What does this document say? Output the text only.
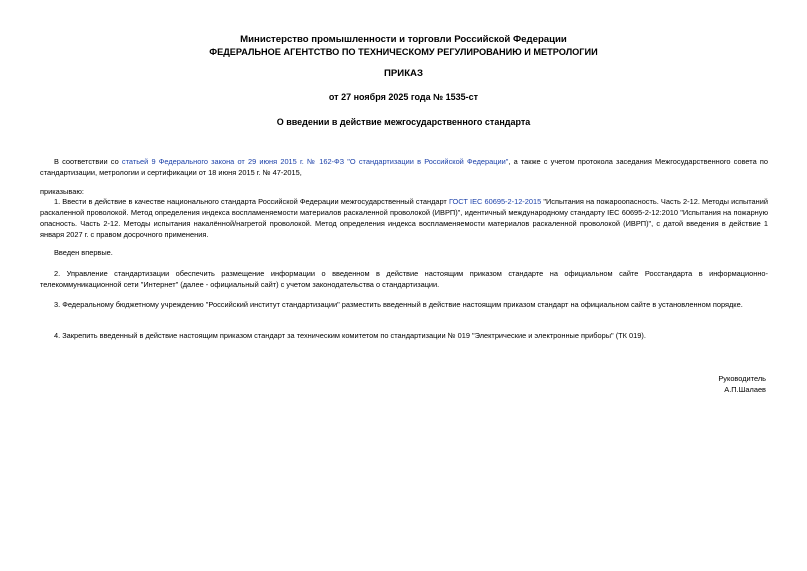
Министерство промышленности и торговли Российской Федерации
ФЕДЕРАЛЬНОЕ АГЕНТСТВО ПО ТЕХНИЧЕСКОМУ РЕГУЛИРОВАНИЮ И МЕТРОЛОГИИ
ПРИКАЗ
от 27 ноября 2025 года № 1535-ст
О введении в действие межгосударственного стандарта
В соответствии со статьей 9 Федерального закона от 29 июня 2015 г. № 162-ФЗ "О стандартизации в Российской Федерации", а также с учетом протокола заседания Межгосударственного совета по стандартизации, метрологии и сертификации от 18 июня 2015 г. № 47-2015,
приказываю:
1. Ввести в действие в качестве национального стандарта Российской Федерации межгосударственный стандарт ГОСТ IEC 60695-2-12-2015 "Испытания на пожароопасность. Часть 2-12. Методы испытаний раскаленной проволокой. Метод определения индекса воспламеняемости материалов раскаленной проволокой (ИВРП)", идентичный международному стандарту IEC 60695-2-12:2010 "Испытания на пожарную опасность. Часть 2-12. Методы испытания накалённой/нагретой проволокой. Метод определения индекса воспламеняемости материалов раскаленной проволокой (ИВРП)", с датой введения в действие 1 января 2027 г. с правом досрочного применения.
Введен впервые.
2. Управление стандартизации обеспечить размещение информации о введенном в действие настоящим приказом стандарте на официальном сайте Росстандарта в информационно-телекоммуникационной сети "Интернет" (далее - официальный сайт) с учетом законодательства о стандартизации.
3. Федеральному бюджетному учреждению "Российский институт стандартизации" разместить введенный в действие настоящим приказом стандарт на официальном сайте в установленном порядке.
4. Закрепить введенный в действие настоящим приказом стандарт за техническим комитетом по стандартизации № 019 "Электрические и электронные приборы" (ТК 019).
Руководитель
А.П.Шалаев
